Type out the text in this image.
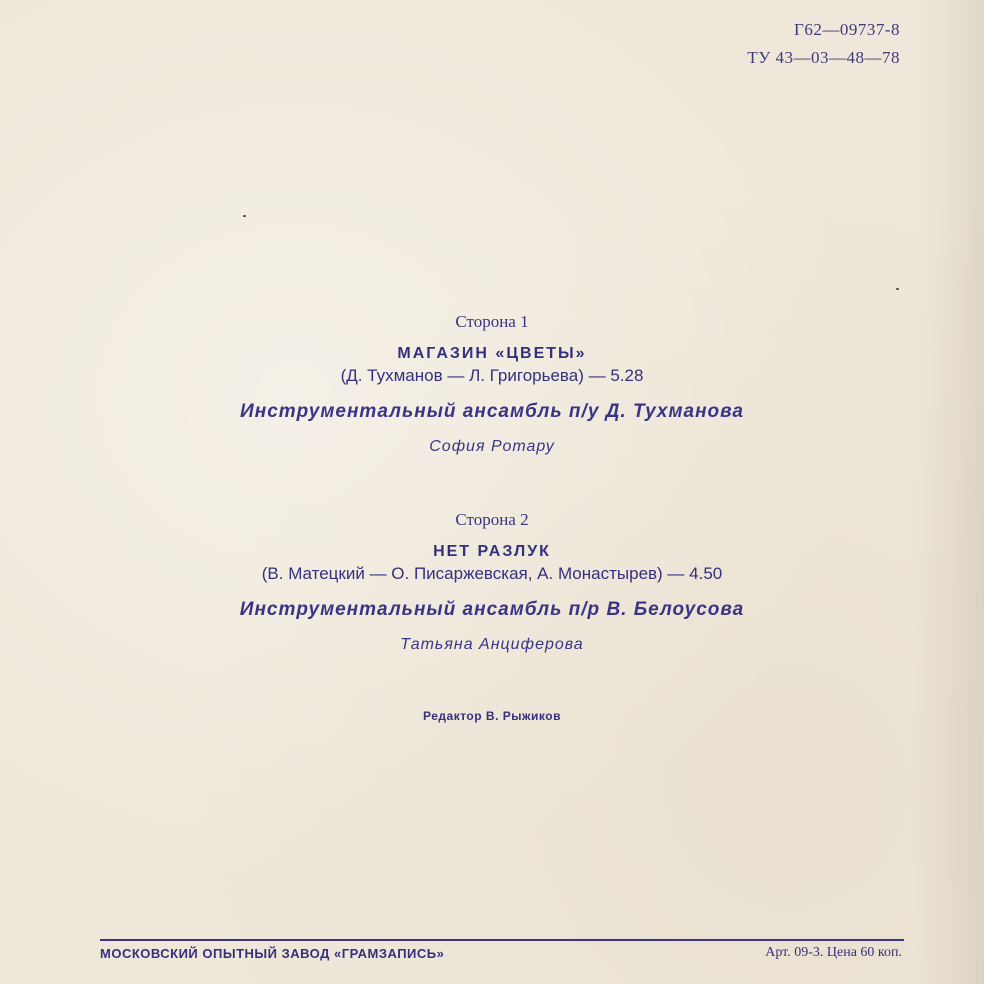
Г62—09737-8
ТУ 43—03—48—78
Сторона 1
МАГАЗИН «ЦВЕТЫ»
(Д. Тухманов — Л. Григорьева) — 5.28
Инструментальный ансамбль п/у Д. Тухманова
София Ротару
Сторона 2
НЕТ РАЗЛУК
(В. Матецкий — О. Писаржевская, А. Монастырев) — 4.50
Инструментальный ансамбль п/р В. Белоусова
Татьяна Анциферова
Редактор В. Рыжиков
МОСКОВСКИЙ ОПЫТНЫЙ ЗАВОД «ГРАМЗАПИСЬ»	Арт. 09-3. Цена 60 коп.
